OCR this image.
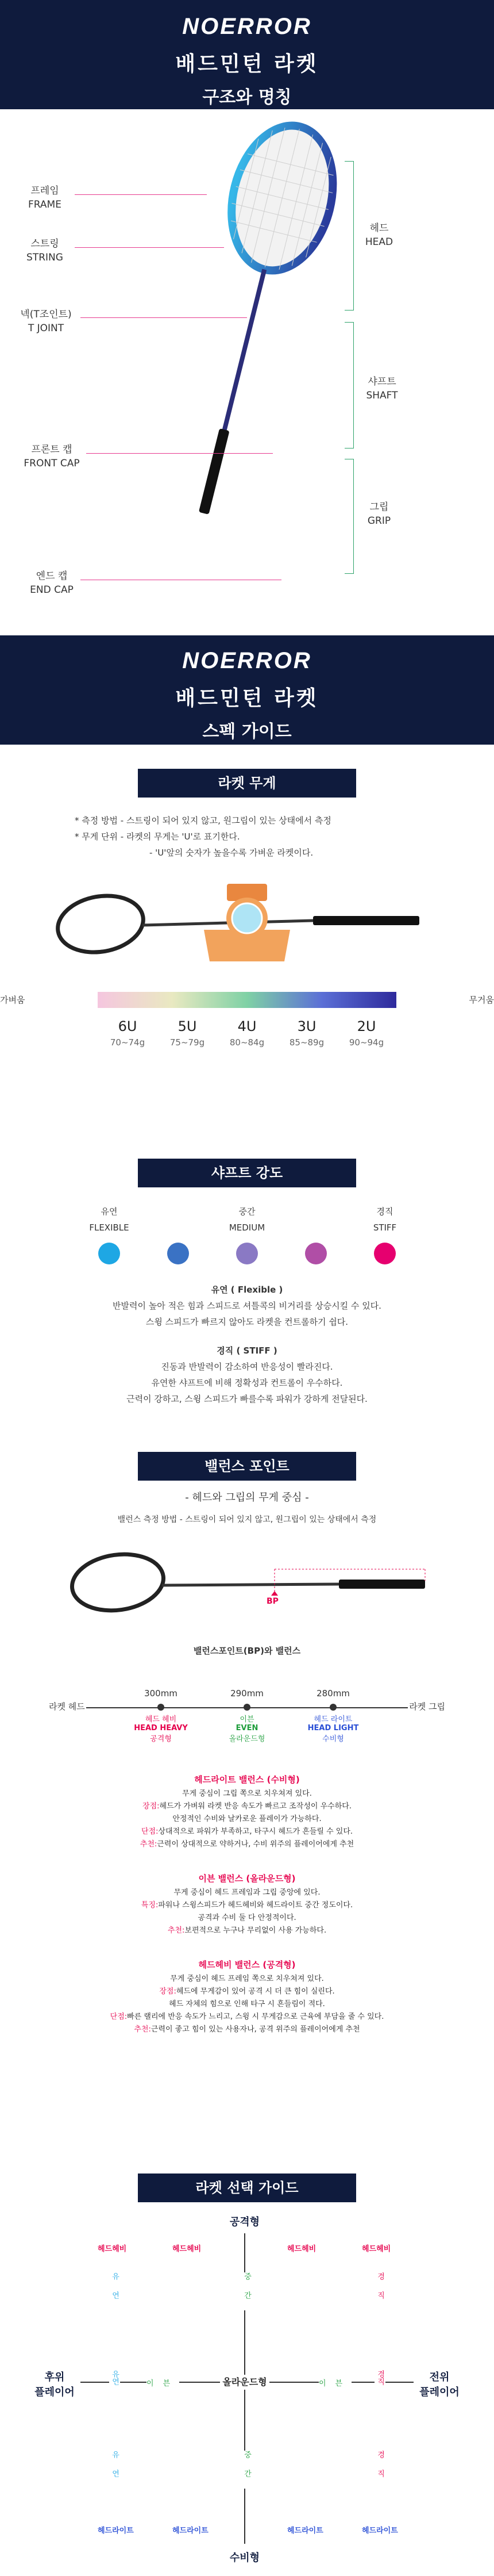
NOERROR
배드민턴 라켓
구조와 명칭
프레임
FRAME
스트링
STRING
넥(T조인트)
T JOINT
프론트 캡
FRONT CAP
엔드 캡
END CAP
헤드
HEAD
샤프트
SHAFT
그립
GRIP
NOERROR
배드민턴 라켓
스펙 가이드
라켓 무게
* 측정 방법 - 스트링이 되어 있지 않고, 원그립이 있는 상태에서 측정
* 무게 단위 - 라켓의 무게는 'U'로 표기한다.
- 'U'앞의 숫자가 높을수록 가벼운 라켓이다.
가벼움	무거움
6U
70~74g
5U
75~79g
4U
80~84g
3U
85~89g
2U
90~94g
샤프트 강도
유연
FLEXIBLE
중간
MEDIUM
경직
STIFF
유연 ( Flexible )
반발력이 높아 적은 힘과 스피드로 셔틀콕의 비거리를 상승시킬 수 있다.
스윙 스피드가 빠르지 않아도 라켓을 컨트롤하기 쉽다.
경직 ( STIFF )
진동과 반발력이 감소하여 반응성이 빨라진다.
유연한 샤프트에 비해 정확성과 컨트롤이 우수하다.
근력이 강하고, 스윙 스피드가 빠를수록 파워가 강하게 전달된다.
밸런스 포인트
- 헤드와 그립의 무게 중심 -
밸런스 측정 방법 - 스트링이 되어 있지 않고, 원그립이 있는 상태에서 측정
BP
밸런스포인트(BP)와 밸런스
라켓 헤드	라켓 그립
300mm
헤드 헤비
HEAD HEAVY
공격형
290mm
이븐
EVEN
올라운드형
280mm
헤드 라이트
HEAD LIGHT
수비형
헤드라이트 밸런스 (수비형)
무게 중심이 그립 쪽으로 치우쳐져 있다.
장점:헤드가 가벼워 라켓 반응 속도가 빠르고 조작성이 우수하다.
안정적인 수비와 날카로운 플레이가 가능하다.
단점:상대적으로 파워가 부족하고, 타구시 헤드가 흔들릴 수 있다.
추천:근력이 상대적으로 약하거나, 수비 위주의 플레이어에게 추천
이븐 밸런스 (올라운드형)
무게 중심이 헤드 프레임과 그립 중앙에 있다.
특징:파워나 스윙스피드가 헤드헤비와 헤드라이트 중간 정도이다.
공격과 수비 둘 다 안정적이다.
추천:보편적으로 누구나 무리없이 사용 가능하다.
헤드헤비 밸런스 (공격형)
무게 중심이 헤드 프레임 쪽으로 치우쳐져 있다.
장점:헤드에 무게감이 있어 공격 시 더 큰 힘이 실린다.
헤드 자체의 힘으로 인해 타구 시 흔들림이 적다.
단점:빠른 랠리에 반응 속도가 느리고, 스윙 시 무게감으로 근육에 부담을 줄 수 있다.
추천:근력이 좋고 힘이 있는 사용자나, 공격 위주의 플레이어에게 추천
라켓 선택 가이드
공격형
수비형
후위
플레이어
전위
플레이어
올라운드형
헤드헤비	헤드헤비	헤드헤비	헤드헤비
헤드라이트	헤드라이트	헤드라이트	헤드라이트
유연	중간	경직
유연	중간	경직
유연	이븐	이븐	경직
